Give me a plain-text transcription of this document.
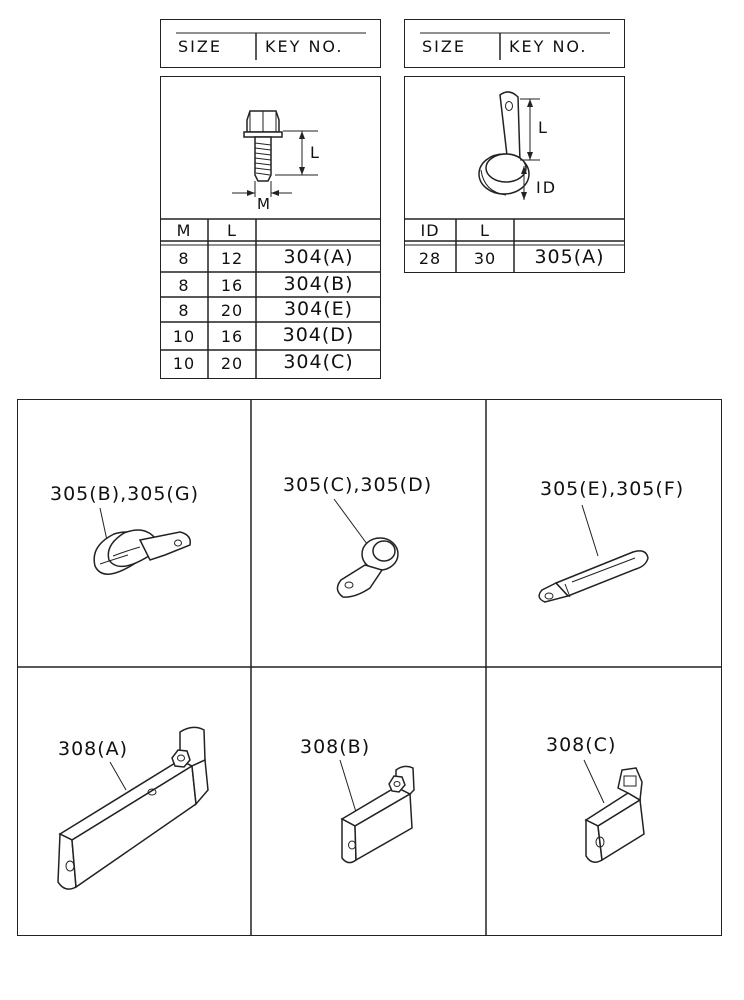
SIZE	KEY NO.
L
M
M	L
8	12	304(A)
8	16	304(B)
8	20	304(E)
10	16	304(D)
10	20	304(C)
SIZE	KEY NO.
L
ID
ID	L
28	30	305(A)
305(B),305(G)	305(C),305(D)	305(E),305(F)
308(A)	308(B)	308(C)
